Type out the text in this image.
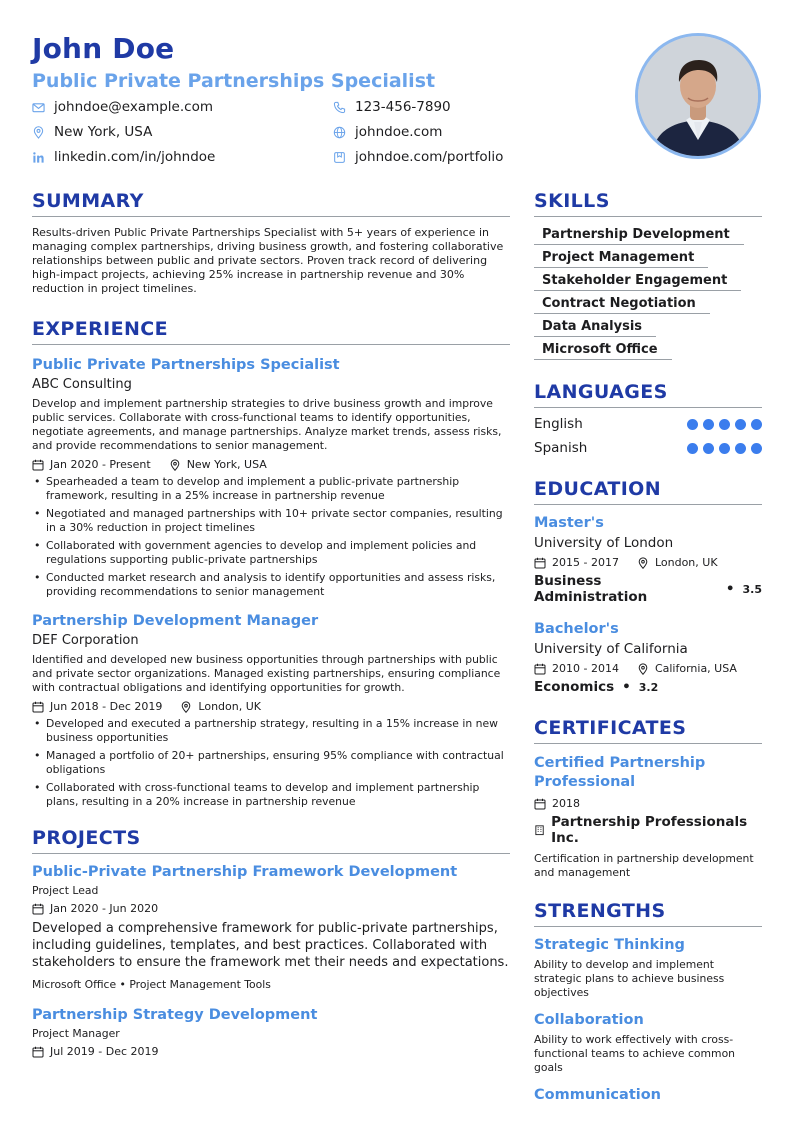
John Doe
Public Private Partnerships Specialist
johndoe@example.com	123-456-7890
New York, USA	johndoe.com
linkedin.com/in/johndoe	johndoe.com/portfolio
SUMMARY

Results-driven Public Private Partnerships Specialist with 5+ years of experience in managing complex partnerships, driving business growth, and fostering collaborative relationships between public and private sectors. Proven track record of delivering high-impact projects, achieving 25% increase in partnership revenue and 30% reduction in project timelines.

EXPERIENCE
Public Private Partnerships Specialist
ABC Consulting

Develop and implement partnership strategies to drive business growth and improve public services. Collaborate with cross-functional teams to identify opportunities, negotiate agreements, and manage partnerships. Analyze market trends, assess risks, and provide recommendations to senior management.

Jan 2020 - Present	New York, USA
• Spearheaded a team to develop and implement a public-private partnership framework, resulting in a 25% increase in partnership revenue
• Negotiated and managed partnerships with 10+ private sector companies, resulting in a 30% reduction in project timelines
• Collaborated with government agencies to develop and implement policies and regulations supporting public-private partnerships
• Conducted market research and analysis to identify opportunities and assess risks, providing recommendations to senior management
Partnership Development Manager
DEF Corporation

Identified and developed new business opportunities through partnerships with public and private sector organizations. Managed existing partnerships, ensuring compliance with contractual obligations and identifying opportunities for growth.

Jun 2018 - Dec 2019	London, UK
• Developed and executed a partnership strategy, resulting in a 15% increase in new business opportunities
• Managed a portfolio of 20+ partnerships, ensuring 95% compliance with contractual obligations
• Collaborated with cross-functional teams to develop and implement partnership plans, resulting in a 20% increase in partnership revenue
PROJECTS
Public-Private Partnership Framework Development
Project Lead
Jan 2020 - Jun 2020

Developed a comprehensive framework for public-private partnerships, including guidelines, templates, and best practices. Collaborated with stakeholders to ensure the framework met their needs and expectations.

Microsoft Office • Project Management Tools
Partnership Strategy Development
Project Manager
Jul 2019 - Dec 2019
SKILLS
Partnership Development
Project Management
Stakeholder Engagement
Contract Negotiation
Data Analysis
Microsoft Office
LANGUAGES
English
Spanish
EDUCATION
Master's
University of London
2015 - 2017	London, UK
Business Administration	• 3.5
Bachelor's
University of California
2010 - 2014	California, USA
Economics • 3.2
CERTIFICATES
Certified Partnership Professional
2018
Partnership Professionals Inc.

Certification in partnership development and management

STRENGTHS
Strategic Thinking

Ability to develop and implement strategic plans to achieve business objectives

Collaboration

Ability to work effectively with cross-functional teams to achieve common goals

Communication
